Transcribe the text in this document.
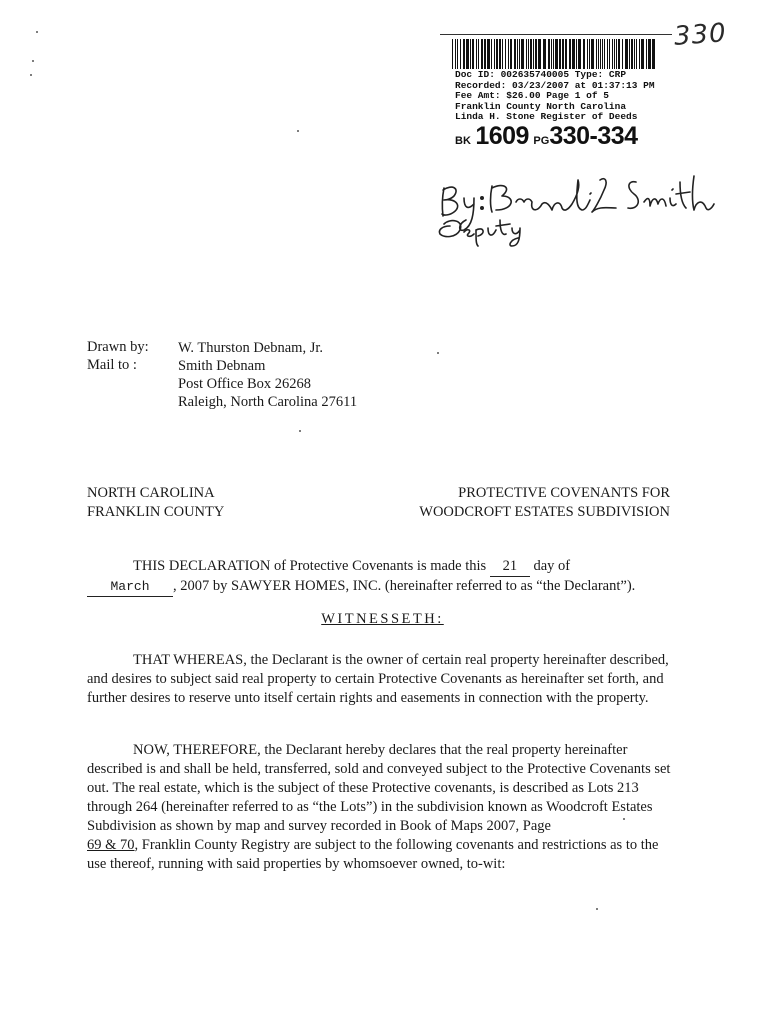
330
Doc ID: 002635740005 Type: CRP
Recorded: 03/23/2007 at 01:37:13 PM
Fee Amt: $26.00 Page 1 of 5
Franklin County North Carolina
Linda H. Stone Register of Deeds
BK 1609 PG330-334
Drawn by:
Mail to :
W. Thurston Debnam, Jr.
Smith Debnam
Post Office Box 26268
Raleigh, North Carolina 27611
NORTH CAROLINA
FRANKLIN COUNTY
PROTECTIVE COVENANTS FOR
WOODCROFT ESTATES SUBDIVISION
THIS DECLARATION of Protective Covenants is made this 21 day of
March , 2007 by SAWYER HOMES, INC. (hereinafter referred to as “the Declarant”).
WITNESSETH:
THAT WHEREAS, the Declarant is the owner of certain real property hereinafter described, and desires to subject said real property to certain Protective Covenants as hereinafter set forth, and further desires to reserve unto itself certain rights and easements in connection with the property.
NOW, THEREFORE, the Declarant hereby declares that the real property hereinafter described is and shall be held, transferred, sold and conveyed subject to the Protective Covenants set out. The real estate, which is the subject of these Protective covenants, is described as Lots 213 through 264 (hereinafter referred to as “the Lots”) in the subdivision known as Woodcroft Estates Subdivision as shown by map and survey recorded in Book of Maps 2007, Page
69 & 70, Franklin County Registry are subject to the following covenants and restrictions as to the use thereof, running with said properties by whomsoever owned, to-wit:
